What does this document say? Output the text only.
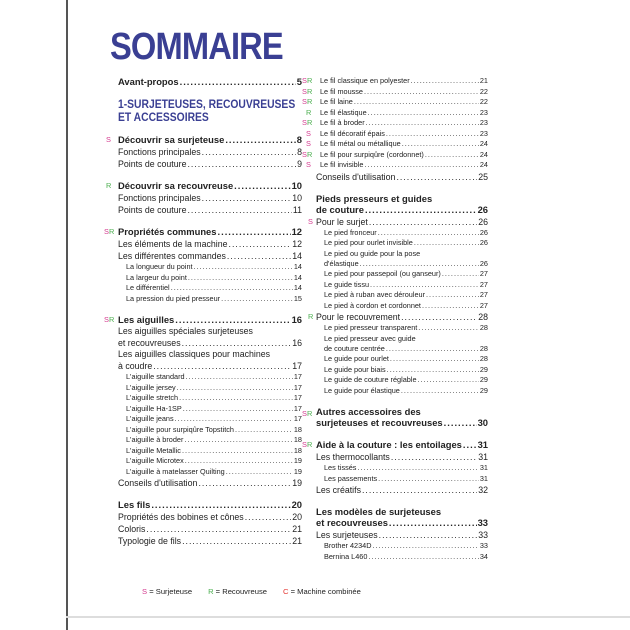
SOMMAIRE
Avant-propos .....	5
1-SURJETEUSES, RECOUVREUSES
ET ACCESSOIRES
S Découvrir sa surjeteuse .....	8
Fonctions principales .....	8
Points de couture .....	9
R Découvrir sa recouvreuse .....	10
Fonctions principales .....	10
Points de couture .....	11
SR Propriétés communes .....	12
Les éléments de la machine .....	12
Les différentes commandes .....	14
La longueur du point .....	14
La largeur du point .....	14
Le différentiel .....	14
La pression du pied presseur .....	15
SR Les aiguilles .....	16
Les aiguilles spéciales surjeteuses
et recouvreuses .....	16
Les aiguilles classiques pour machines
à coudre .....	17
L'aiguille standard .....	17
L'aiguille jersey .....	17
L'aiguille stretch .....	17
L'aiguille Ha-1SP .....	17
L'aiguille jeans .....	17
L'aiguille pour surpiqûre Topstitch .....	18
L'aiguille à broder .....	18
L'aiguille Metallic .....	18
L'aiguille Microtex .....	19
L'aiguille à matelasser Quilting .....	19
Conseils d'utilisation .....	19
Les fils .....	20
Propriétés des bobines et cônes .....	20
Coloris .....	21
Typologie de fils .....	21
SR Le fil classique en polyester .....	21
SR Le fil mousse .....	22
SR Le fil laine .....	22
R Le fil élastique .....	23
SR Le fil à broder .....	23
S Le fil décoratif épais .....	23
S Le fil métal ou métallique .....	24
SR Le fil pour surpiqûre (cordonnet) .....	24
S Le fil invisible .....	24
Conseils d'utilisation .....	25
Pieds presseurs et guides
de couture .....	26
S Pour le surjet .....	26
Le pied fronceur .....	26
Le pied pour ourlet invisible .....	26
Le pied ou guide pour la pose
d'élastique .....	26
Le pied pour passepoil (ou ganseur) .....	27
Le guide tissu .....	27
Le pied à ruban avec dérouleur .....	27
Le pied à cordon et cordonnet .....	27
R Pour le recouvrement .....	28
Le pied presseur transparent .....	28
Le pied presseur avec guide
de couture centrée .....	28
Le guide pour ourlet .....	28
Le guide pour biais .....	29
Le guide de couture réglable .....	29
Le guide pour élastique .....	29
SR Autres accessoires des
surjeteuses et recouvreuses .....	30
SR Aide à la couture : les entoilages ..... 31
Les thermocollants .....	31
Les tissés .....	31
Les passements .....	31
Les créatifs .....	32
Les modèles de surjeteuses
et recouvreuses .....	33
Les surjeteuses .....	33
Brother 4234D .....	33
Bernina L460 .....	34
S = Surjeteuse R = Recouvreuse C = Machine combinée
